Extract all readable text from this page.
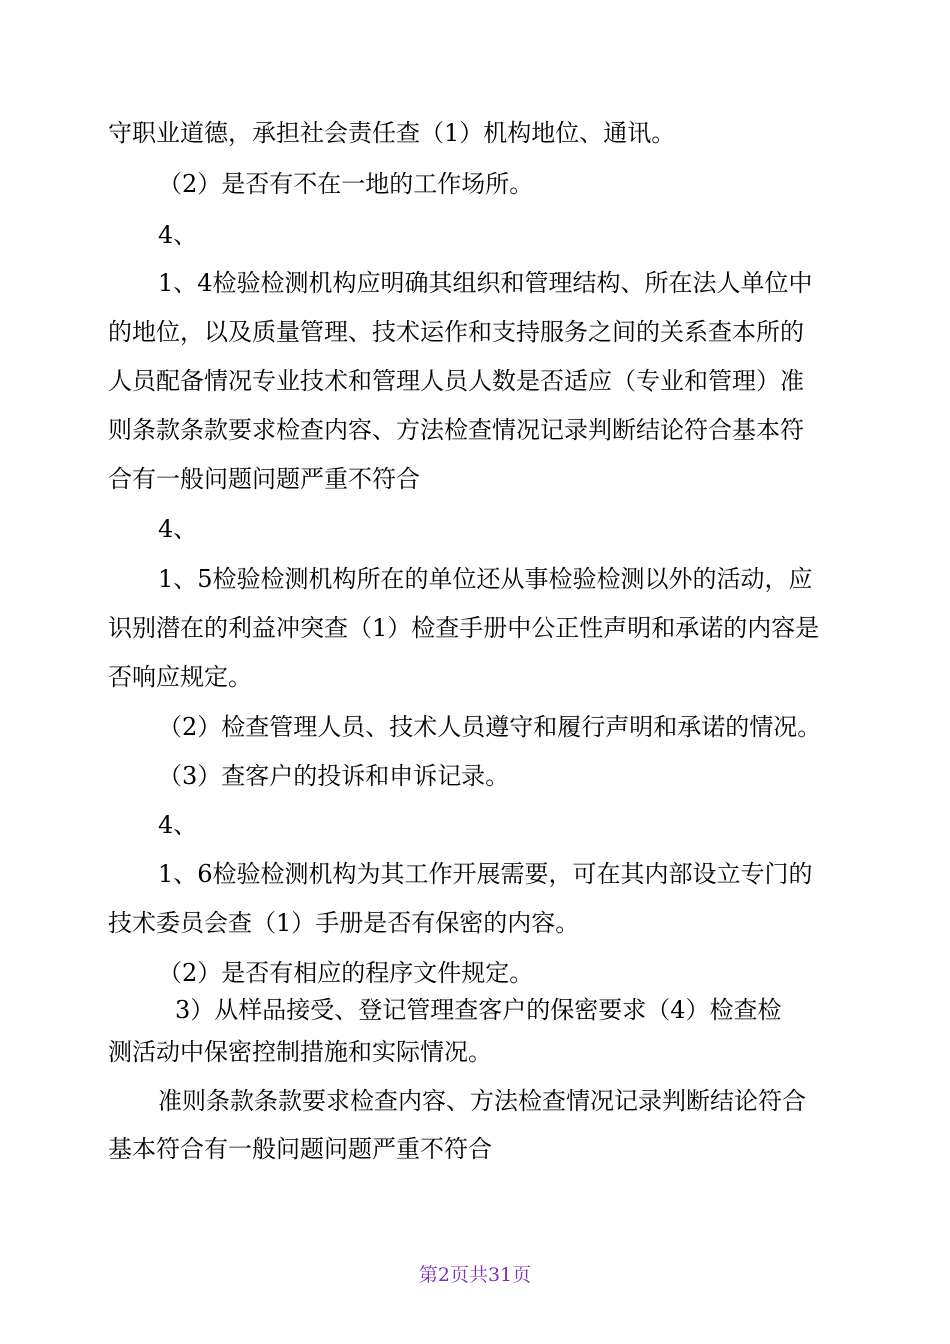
守职业道德，承担社会责任查（1）机构地位、通讯。
（2）是否有不在一地的工作场所。
4、
1、4检验检测机构应明确其组织和管理结构、所在法人单位中
的地位，以及质量管理、技术运作和支持服务之间的关系查本所的
人员配备情况专业技术和管理人员人数是否适应（专业和管理）准
则条款条款要求检查内容、方法检查情况记录判断结论符合基本符
合有一般问题问题严重不符合
4、
1、5检验检测机构所在的单位还从事检验检测以外的活动，应
识别潜在的利益冲突查（1）检查手册中公正性声明和承诺的内容是
否响应规定。
（2）检查管理人员、技术人员遵守和履行声明和承诺的情况。
（3）查客户的投诉和申诉记录。
4、
1、6检验检测机构为其工作开展需要，可在其内部设立专门的
技术委员会查（1）手册是否有保密的内容。
（2）是否有相应的程序文件规定。
3）从样品接受、登记管理查客户的保密要求（4）检查检
测活动中保密控制措施和实际情况。
准则条款条款要求检查内容、方法检查情况记录判断结论符合
基本符合有一般问题问题严重不符合
第2页共31页
